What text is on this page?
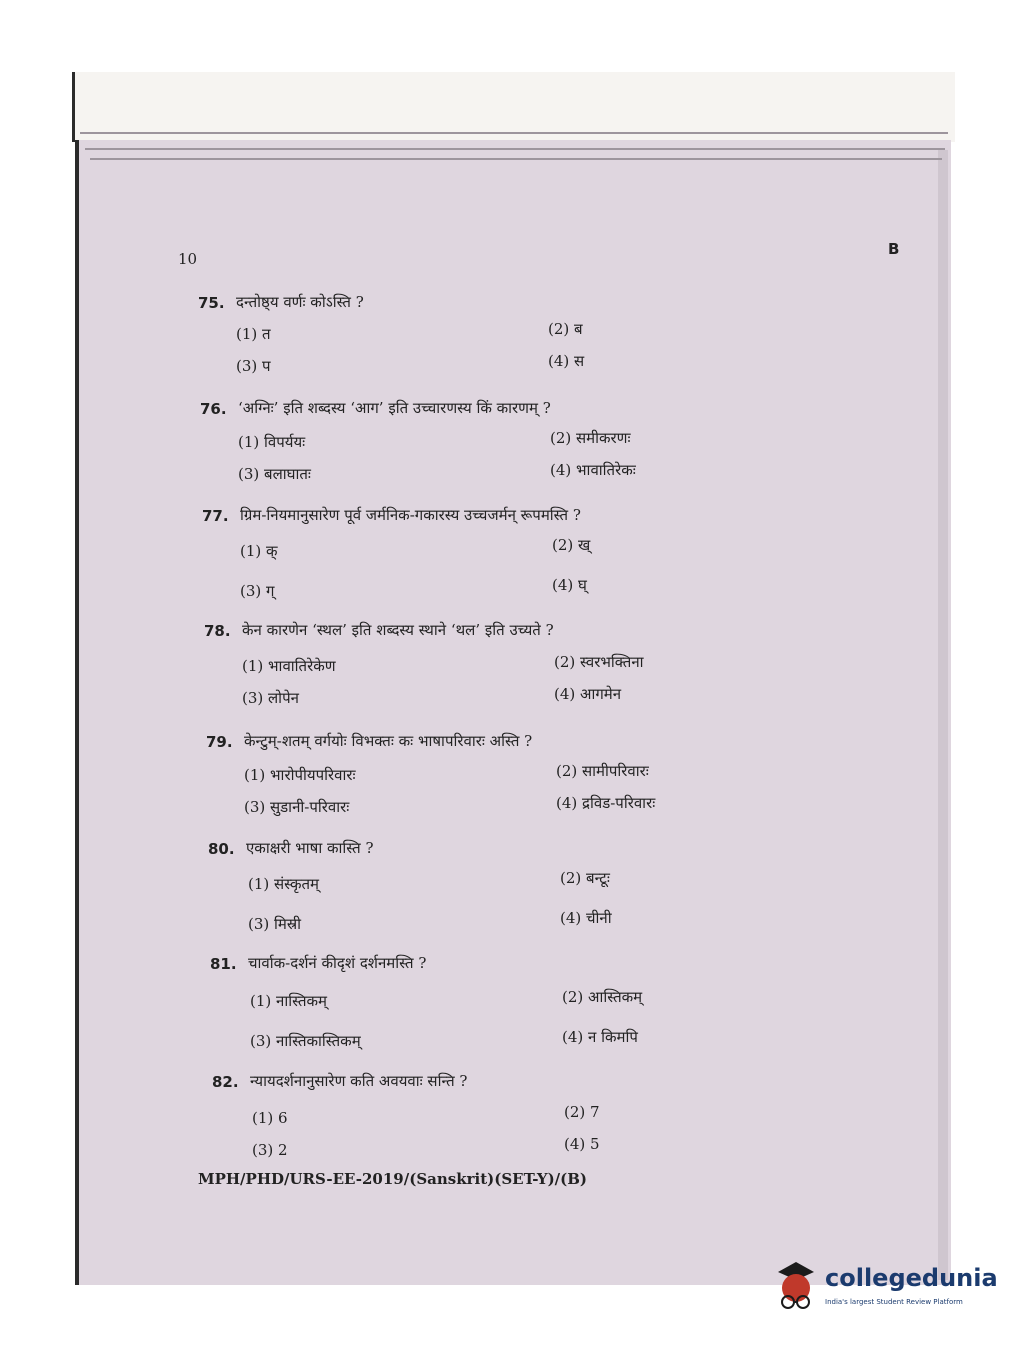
10
B
75. दन्तोष्ठ्य वर्णः कोऽस्ति ?
(1) त	(2) ब
(3) प	(4) स
76. ‘अग्निः’ इति शब्दस्य ‘आग’ इति उच्चारणस्य किं कारणम् ?
(1) विपर्ययः	(2) समीकरणः
(3) बलाघातः	(4) भावातिरेकः
77. ग्रिम-नियमानुसारेण पूर्व जर्मनिक-गकारस्य उच्चजर्मन् रूपमस्ति ?
(1) क्	(2) ख्
(3) ग्	(4) घ्
78. केन कारणेन ‘स्थल’ इति शब्दस्य स्थाने ‘थल’ इति उच्यते ?
(1) भावातिरेकेण	(2) स्वरभक्तिना
(3) लोपेन	(4) आगमेन
79. केन्टुम्-शतम् वर्गयोः विभक्तः कः भाषापरिवारः अस्ति ?
(1) भारोपीयपरिवारः	(2) सामीपरिवारः
(3) सुडानी-परिवारः	(4) द्रविड-परिवारः
80. एकाक्षरी भाषा कास्ति ?
(1) संस्कृतम्	(2) बन्टूः
(3) मिस्री	(4) चीनी
81. चार्वाक-दर्शनं कीदृशं दर्शनमस्ति ?
(1) नास्तिकम्	(2) आस्तिकम्
(3) नास्तिकास्तिकम्	(4) न किमपि
82. न्यायदर्शनानुसारेण कति अवयवाः सन्ति ?
(1) 6	(2) 7
(3) 2	(4) 5
MPH/PHD/URS-EE-2019/(Sanskrit)(SET-Y)/(B)
collegedunia
India's largest Student Review Platform
